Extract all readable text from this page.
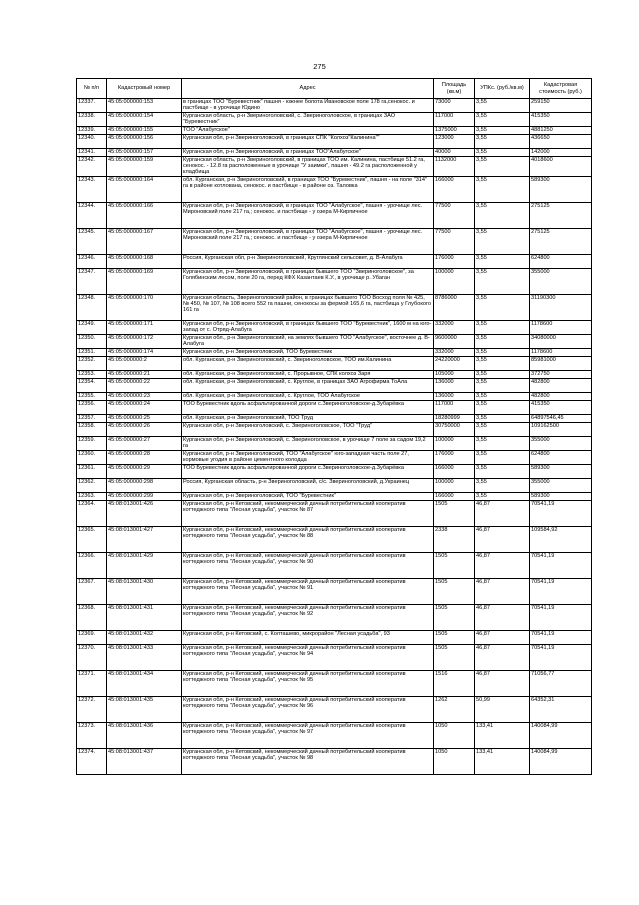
275
№ п/п	Кадастровый номер	Адрес	Площадь (кв.м)	УПКс. (руб./кв.м)	Кадастровая стоимость (руб.)
12337.	45:05:000000:153	в границах ТОО "Буревестник" пашня - южнее болота Ивановское поле 178 га,сенокос. и пастбище - в урочище Юдино	73000	3,55	259150
12338.	45:05:000000:154	Курганская область, р-н Звериноголовский, с. Звериноголовское, в границах ЗАО "Буревестник"	117000	3,55	415350
12339.	45:05:000000:155	ТОО "Алабугское"	1375000	3,55	4881250
12340.	45:05:000000:156	Курганская обл, р-н Звериноголовский, в границах СПК "Колхоз"Калинина""	123000	3,55	436650
12341.	45:05:000000:157	Курганская обл, р-н Звериноголовский, в границах ТОО"Алабугское"	40000	3,55	142000
12342.	45:05:000000:159	Курганская область, р-н Звериноголовский, в границах ТОО им. Калинина, пастбище 51.2 га, сенокос. - 12.8 га расположенные в урочище "У заимки", пашня - 49.2 га расположенной у кладбища	1132000	3,55	4018600
12343.	45:05:000000:164	обл. Курганская, р-н Звериноголовский, в границах ТОО "Буревестник", пашня - на поле "314" га в районе котлована, сенокос. и пастбище - в районе оз. Таловка	166000	3,55	589300
12344.	45:05:000000:166	Курганская обл, р-н Звериноголовский, в границах ТОО "Алабугское", пашня - урочище лес. Мироновский поле 217 га,; сенокос. и пастбище - у озера М-Кирпичное	77500	3,55	275125
12345.	45:05:000000:167	Курганская обл, р-н Звериноголовский, в границах ТОО "Алабугское", пашня - урочище лес. Мироновский поле 217 га,; сенокос. и пастбище - у озера М-Кирпичное	77500	3,55	275125
12346.	45:05:000000:168	Россия, Курганская обл, р-н Звериноголовский, Круглянский сельсовет, д. В-Алабуга	176000	3,55	624800
12347.	45:05:000000:169	Курганская обл, р-н Звериноголовский, в границах бывшего ТОО "Звериноголовское", за Голябинским лесом, поле 20 га, перед КФХ Казантаев К.У., в урочище р. Убаган	100000	3,55	355000
12348.	45:05:000000:170	Курганская область, Звериноголовский район, в границах бывшего ТОО Восход поля № 425, № 450, № 107, № 108 всего 552 га пашни, сенокосы за фермой 165,6 га, пастбища у Глубокого 161 га	8786000	3,55	31190300
12349.	45:05:000000:171	Курганская обл, р-н Звериноголовский, в границах бывшего ТОО "Буревестник", 1600 м на юго-запад от с. Отряд-Алабуга	332000	3,55	1178600
12350.	45:05:000000:172	Курганская обл., р-н Звериноголовский, на землях бывшего ТОО "Алабугское", восточнее д. В-Алабуга	9600000	3,55	34080000
12351.	45:05:000000:174	Курганская обл, р-н Звериноголовский, ТОО Буревестник	332000	3,55	1178600
12352.	45:05:000000:2	обл. Курганская, р-н Звериноголовский, с. Звериноголовское, ТОО им.Калинина	24220000	3,55	85981000
12353.	45:05:000000:21	обл. Курганская, р-н Звериноголовский, с. Прорывное, СПК колхоз Заря	105000	3,55	372750
12354.	45:05:000000:22	обл. Курганская, р-н Звериноголовский, с. Круглое, в границах ЗАО Агрофирма ТоАла	136000	3,55	482800
12355.	45:05:000000:23	обл. Курганская, р-н Звериноголовский, с. Круглое, ТОО Алабугское	136000	3,55	482800
12356.	45:05:000000:24	ТОО Буревестник вдоль асфальтированной дороги с.Звериноголовское-д.Зубарёвка	117000	3,55	415350
12357.	45:05:000000:25	обл. Курганская, р-н Звериноголовский, ТОО Труд	18280999	3,55	64897546,45
12358.	45:05:000000:26	Курганская обл, р-н Звериноголовский, с. Звериноголовское, ТОО "Труд"	30750000	3,55	109162500
12359.	45:05:000000:27	Курганская обл, р-н Звериноголовский, с. Звериноголовское, в урочище 7 поле за садом 19,2 га	100000	3,55	355000
12360.	45:05:000000:28	Курганская обл, р-н Звериноголовский, ТОО "Алабугское" юго-западная часть поле 27, кормовые угодия в районе цементного колодца	176000	3,55	624800
12361.	45:05:000000:29	ТОО Буревестник вдоль асфальтированной дороги с.Звериноголовское-д.Зубарёвка	166000	3,55	589300
12362.	45:05:000000:298	Россия, Курганская область, р-н Звериноголовский, с/с. Звериноголовский, д.Украинец	100000	3,55	355000
12363.	45:05:000000:299	Курганская обл, р-н Звериноголовский, ТОО "Буревестник"	166000	3,55	589300
12364.	45:08:013001:426	Курганская обл, р-н Кетовский, некоммерческий дачный потребительский кооператив коттеджного типа "Лесная усадьба", участок № 87	1505	46,87	70541,19
12365.	45:08:013001:427	Курганская обл, р-н Кетовский, некоммерческий дачный потребительский кооператив коттеджного типа "Лесная усадьба", участок № 88	2338	46,87	109584,92
12366.	45:08:013001:429	Курганская обл, р-н Кетовский, некоммерческий дачный потребительский кооператив коттеджного типа "Лесная усадьба", участок № 90	1505	46,87	70541,19
12367.	45:08:013001:430	Курганская обл, р-н Кетовский, некоммерческий дачный потребительский кооператив коттеджного типа "Лесная усадьба", участок № 91	1505	46,87	70541,19
12368.	45:08:013001:431	Курганская обл, р-н Кетовский, некоммерческий дачный потребительский кооператив коттеджного типа "Лесная усадьба", участок № 92	1505	46,87	70541,19
12369.	45:08:013001:432	Курганская обл, р-н Кетовский, с. Колташево, микрорайон "Лесная усадьба", 93	1505	46,87	70541,19
12370.	45:08:013001:433	Курганская обл, р-н Кетовский, некоммерческий дачный потребительский кооператив коттеджного типа "Лесная усадьба", участок № 94	1505	46,87	70541,19
12371.	45:08:013001:434	Курганская обл, р-н Кетовский, некоммерческий дачный потребительский кооператив коттеджного типа "Лесная усадьба", участок № 95	1516	46,87	71056,77
12372.	45:08:013001:435	Курганская обл, р-н Кетовский, некоммерческий дачный потребительский кооператив коттеджного типа "Лесная усадьба", участок № 96	1262	50,99	64352,31
12373.	45:08:013001:436	Курганская обл, р-н Кетовский, некоммерческий дачный потребительский кооператив коттеджного типа "Лесная усадьба", участок № 97	1050	133,41	140084,99
12374.	45:08:013001:437	Курганская обл, р-н Кетовский, некоммерческий дачный потребительский кооператив коттеджного типа "Лесная усадьба", участок № 98	1050	133,41	140084,99
